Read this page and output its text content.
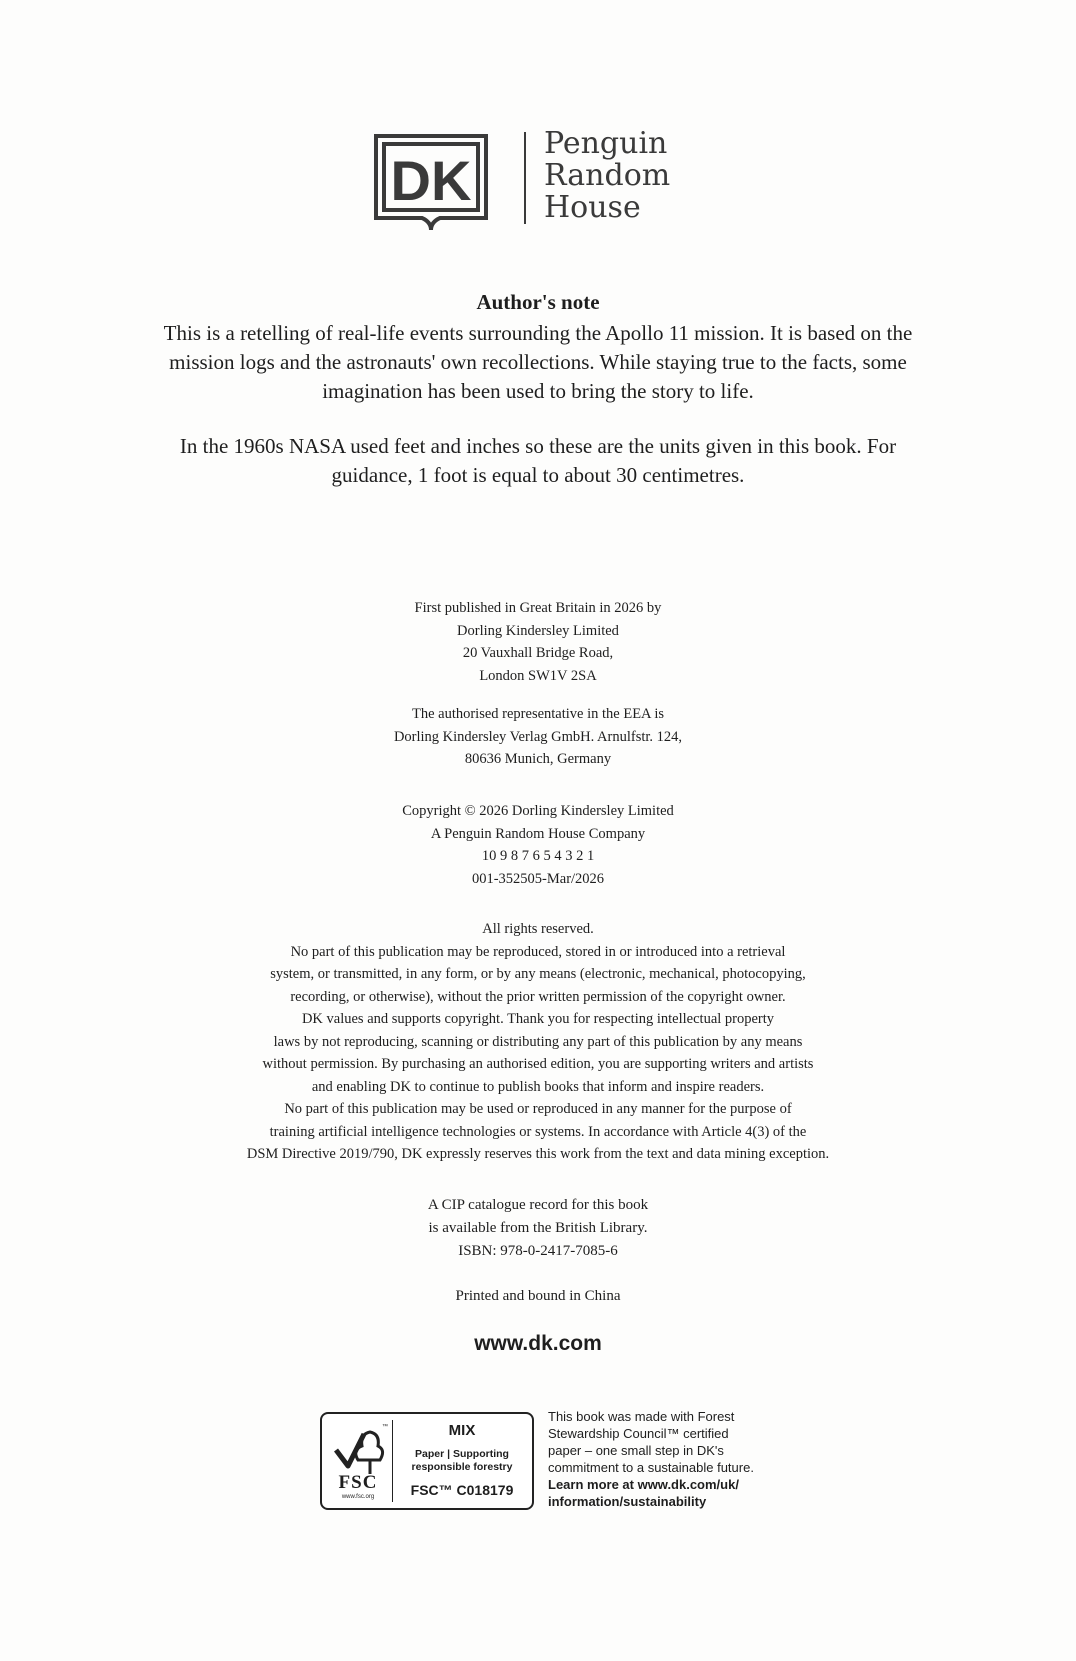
DK
Penguin
Random
House
Author's note

This is a retelling of real-life events surrounding the Apollo 11 mission. It is based on the mission logs and the astronauts' own recollections. While staying true to the facts, some imagination has been used to bring the story to life.

In the 1960s NASA used feet and inches so these are the units given in this book. For guidance, 1 foot is equal to about 30 centimetres.

First published in Great Britain in 2026 by
Dorling Kindersley Limited
20 Vauxhall Bridge Road,
London SW1V 2SA
The authorised representative in the EEA is
Dorling Kindersley Verlag GmbH. Arnulfstr. 124,
80636 Munich, Germany
Copyright © 2026 Dorling Kindersley Limited
A Penguin Random House Company
10 9 8 7 6 5 4 3 2 1
001-352505-Mar/2026
All rights reserved.
No part of this publication may be reproduced, stored in or introduced into a retrieval
system, or transmitted, in any form, or by any means (electronic, mechanical, photocopying,
recording, or otherwise), without the prior written permission of the copyright owner.
DK values and supports copyright. Thank you for respecting intellectual property
laws by not reproducing, scanning or distributing any part of this publication by any means
without permission. By purchasing an authorised edition, you are supporting writers and artists
and enabling DK to continue to publish books that inform and inspire readers.
No part of this publication may be used or reproduced in any manner for the purpose of
training artificial intelligence technologies or systems. In accordance with Article 4(3) of the
DSM Directive 2019/790, DK expressly reserves this work from the text and data mining exception.
A CIP catalogue record for this book
is available from the British Library.
ISBN: 978-0-2417-7085-6
Printed and bound in China
www.dk.com
™
FSC
www.fsc.org
MIX
Paper | Supporting
responsible forestry
FSC™ C018179
This book was made with Forest
Stewardship Council™ certified
paper – one small step in DK's
commitment to a sustainable future.
Learn more at www.dk.com/uk/
information/sustainability
